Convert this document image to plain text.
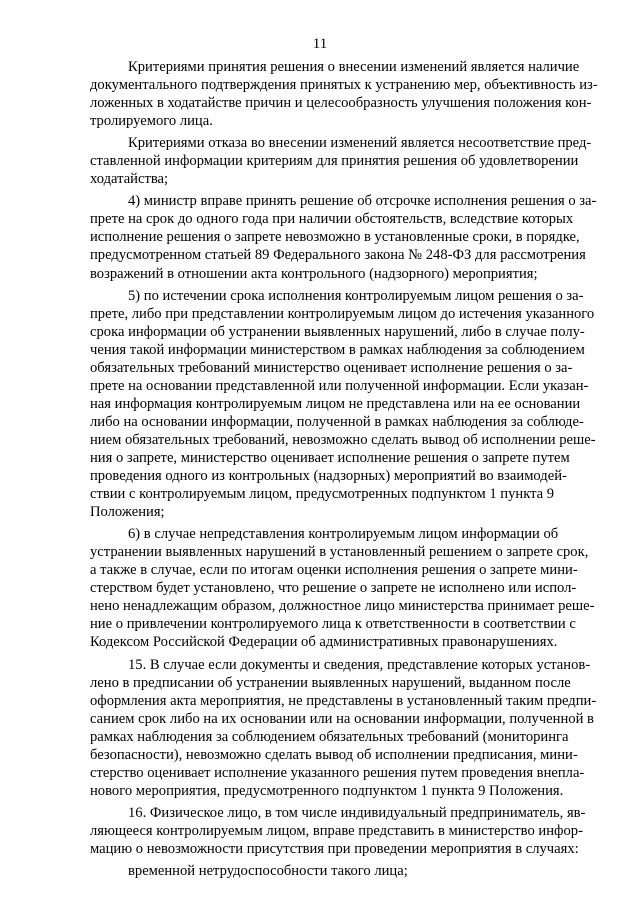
11

Критериями принятия решения о внесении изменений является наличие
документального подтверждения принятых к устранению мер, объективность из-
ложенных в ходатайстве причин и целесообразность улучшения положения кон-
тролируемого лица.

Критериями отказа во внесении изменений является несоответствие пред-
ставленной информации критериям для принятия решения об удовлетворении
ходатайства;

4) министр вправе принять решение об отсрочке исполнения решения о за-
прете на срок до одного года при наличии обстоятельств, вследствие которых
исполнение решения о запрете невозможно в установленные сроки, в порядке,
предусмотренном статьей 89 Федерального закона № 248-ФЗ для рассмотрения
возражений в отношении акта контрольного (надзорного) мероприятия;

5) по истечении срока исполнения контролируемым лицом решения о за-
прете, либо при представлении контролируемым лицом до истечения указанного
срока информации об устранении выявленных нарушений, либо в случае полу-
чения такой информации министерством в рамках наблюдения за соблюдением
обязательных требований министерство оценивает исполнение решения о за-
прете на основании представленной или полученной информации. Если указан-
ная информация контролируемым лицом не представлена или на ее основании
либо на основании информации, полученной в рамках наблюдения за соблюде-
нием обязательных требований, невозможно сделать вывод об исполнении реше-
ния о запрете, министерство оценивает исполнение решения о запрете путем
проведения одного из контрольных (надзорных) мероприятий во взаимодей-
ствии с контролируемым лицом, предусмотренных подпунктом 1 пункта 9
Положения;

6) в случае непредставления контролируемым лицом информации об
устранении выявленных нарушений в установленный решением о запрете срок,
а также в случае, если по итогам оценки исполнения решения о запрете мини-
стерством будет установлено, что решение о запрете не исполнено или испол-
нено ненадлежащим образом, должностное лицо министерства принимает реше-
ние о привлечении контролируемого лица к ответственности в соответствии с
Кодексом Российской Федерации об административных правонарушениях.

15. В случае если документы и сведения, представление которых установ-
лено в предписании об устранении выявленных нарушений, выданном после
оформления акта мероприятия, не представлены в установленный таким предпи-
санием срок либо на их основании или на основании информации, полученной в
рамках наблюдения за соблюдением обязательных требований (мониторинга
безопасности), невозможно сделать вывод об исполнении предписания, мини-
стерство оценивает исполнение указанного решения путем проведения внепла-
нового мероприятия, предусмотренного подпунктом 1 пункта 9 Положения.

16. Физическое лицо, в том числе индивидуальный предприниматель, яв-
ляющееся контролируемым лицом, вправе представить в министерство инфор-
мацию о невозможности присутствия при проведении мероприятия в случаях:

временной нетрудоспособности такого лица;
